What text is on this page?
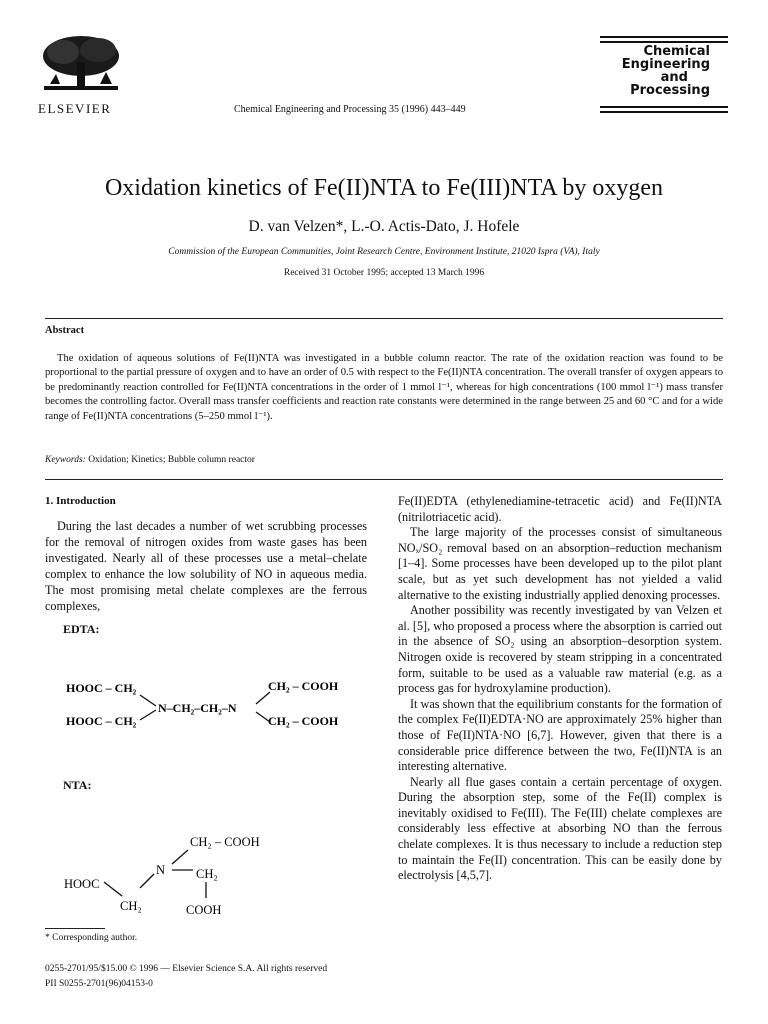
ELSEVIER	Chemical Engineering and Processing 35 (1996) 443–449
Chemical
Engineering
and
Processing
Oxidation kinetics of Fe(II)NTA to Fe(III)NTA by oxygen
D. van Velzen*, L.-O. Actis-Dato, J. Hofele
Commission of the European Communities, Joint Research Centre, Environment Institute, 21020 Ispra (VA), Italy
Received 31 October 1995; accepted 13 March 1996
Abstract
The oxidation of aqueous solutions of Fe(II)NTA was investigated in a bubble column reactor. The rate of the oxidation reaction was found to be proportional to the partial pressure of oxygen and to have an order of 0.5 with respect to the Fe(II)NTA concentration. The overall transfer of oxygen appears to be predominantly reaction controlled for Fe(II)NTA concentrations in the order of 1 mmol l⁻¹, whereas for high concentrations (100 mmol l⁻¹) mass transfer becomes the controlling factor. Overall mass transfer coefficients and reaction rate constants were determined in the range between 25 and 60 °C and for a wide range of Fe(II)NTA concentrations (5–250 mmol l⁻¹).
Keywords: Oxidation; Kinetics; Bubble column reactor
1. Introduction
During the last decades a number of wet scrubbing processes for the removal of nitrogen oxides from waste gases has been investigated. Nearly all of these processes use a metal–chelate complex to enhance the low solubility of NO in aqueous media. The most promising metal chelate complexes are the ferrous complexes,
EDTA:
HOOC – CH₂
HOOC – CH₂
N–CH₂–CH₂–N
CH₂ – COOH
CH₂ – COOH
NTA:
CH₂ – COOH
N CH₂
COOH
HOOC
CH₂
* Corresponding author.
0255-2701/95/$15.00 © 1996 — Elsevier Science S.A. All rights reserved
PII S0255-2701(96)04153-0

Fe(II)EDTA (ethylenediamine-tetracetic acid) and Fe(II)NTA (nitrilotriacetic acid).

The large majority of the processes consist of simultaneous NOₓ/SO₂ removal based on an absorption–reduction mechanism [1–4]. Some processes have been developed up to the pilot plant scale, but as yet such development has not yielded a valid alternative to the existing industrially applied denoxing processes.

Another possibility was recently investigated by van Velzen et al. [5], who proposed a process where the absorption is carried out in the absence of SO₂ using an absorption–desorption system. Nitrogen oxide is recovered by steam stripping in a concentrated form, suitable to be used as a valuable raw material (e.g. as a process gas for hydroxylamine production).

It was shown that the equilibrium constants for the formation of the complex Fe(II)EDTA·NO are approximately 25% higher than those of Fe(II)NTA·NO [6,7]. However, given that there is a considerable price difference between the two, Fe(II)NTA is an interesting alternative.

Nearly all flue gases contain a certain percentage of oxygen. During the absorption step, some of the Fe(II) complex is inevitably oxidised to Fe(III). The Fe(III) chelate complexes are considerably less effective at absorbing NO than the ferrous chelate complexes. It is thus necessary to include a reduction step to maintain the Fe(II) concentration. This can be easily done by electrolysis [4,5,7].
